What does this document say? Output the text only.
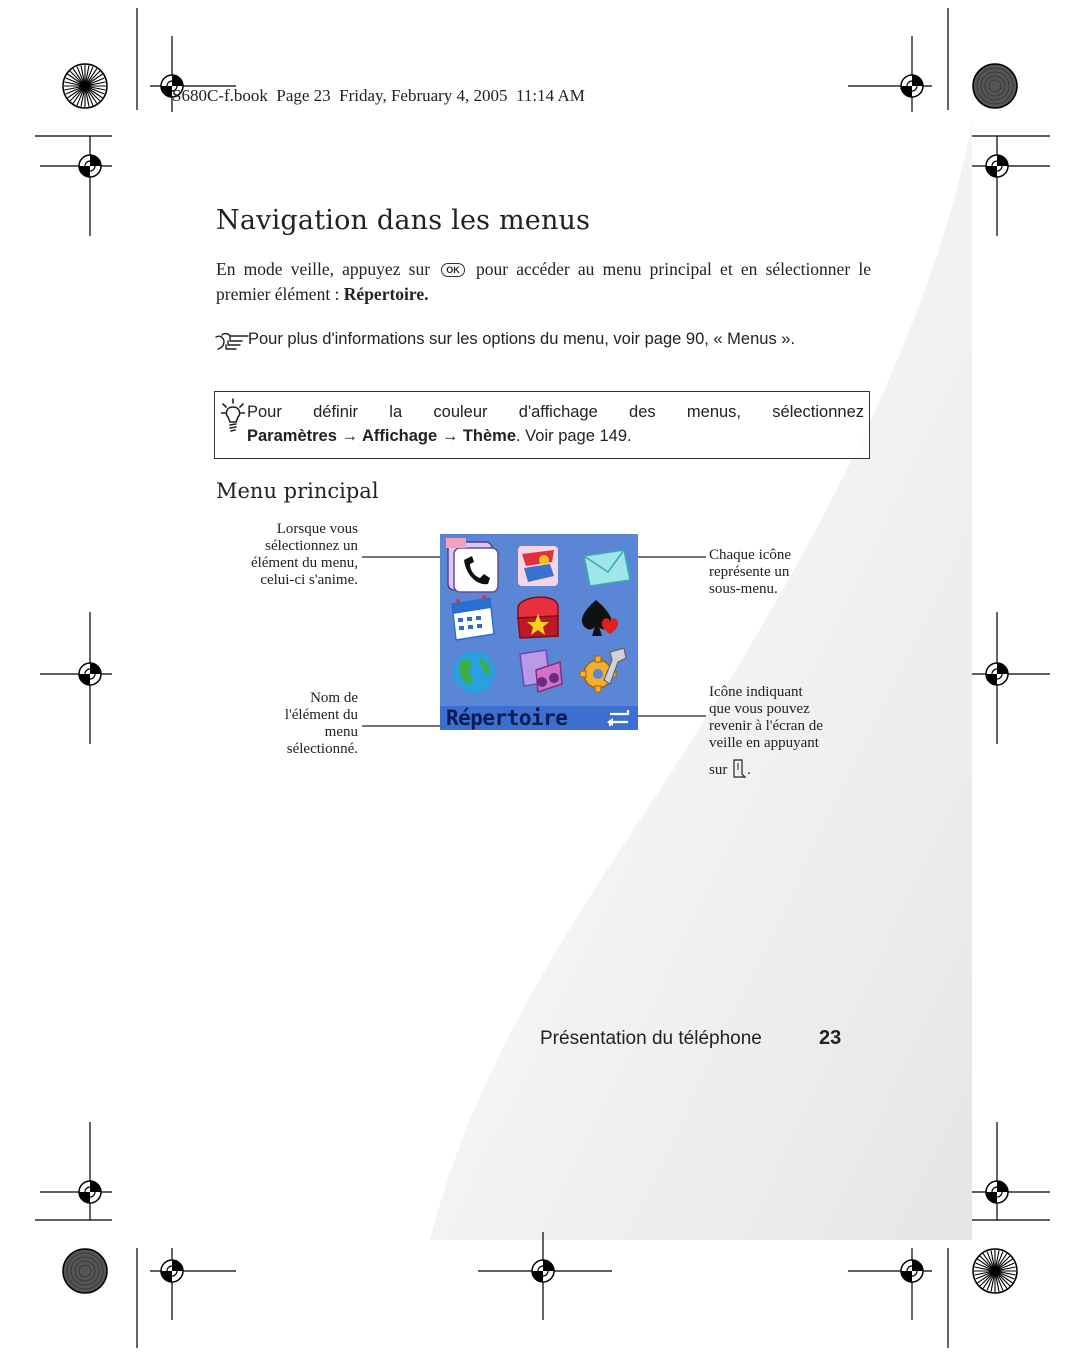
S680C-f.book  Page 23  Friday, February 4, 2005  11:14 AM
Navigation dans les menus

En mode veille, appuyez sur OK pour accéder au menu principal et en sélectionner le premier élément : Répertoire.

Pour plus d'informations sur les options du menu, voir page 90, « Menus ».

Pour définir la couleur d'affichage des menus, sélectionnez
Paramètres → Affichage → Thème. Voir page 149.
Menu principal
Lorsque vous
sélectionnez un
élément du menu,
celui-ci s'anime.
Chaque icône
représente un
sous-menu.
Nom de
l'élément du
menu
sélectionné.
Icône indiquant
que vous pouvez
revenir à l'écran de
veille en appuyant
sur .
Répertoire
Présentation du téléphone	23
